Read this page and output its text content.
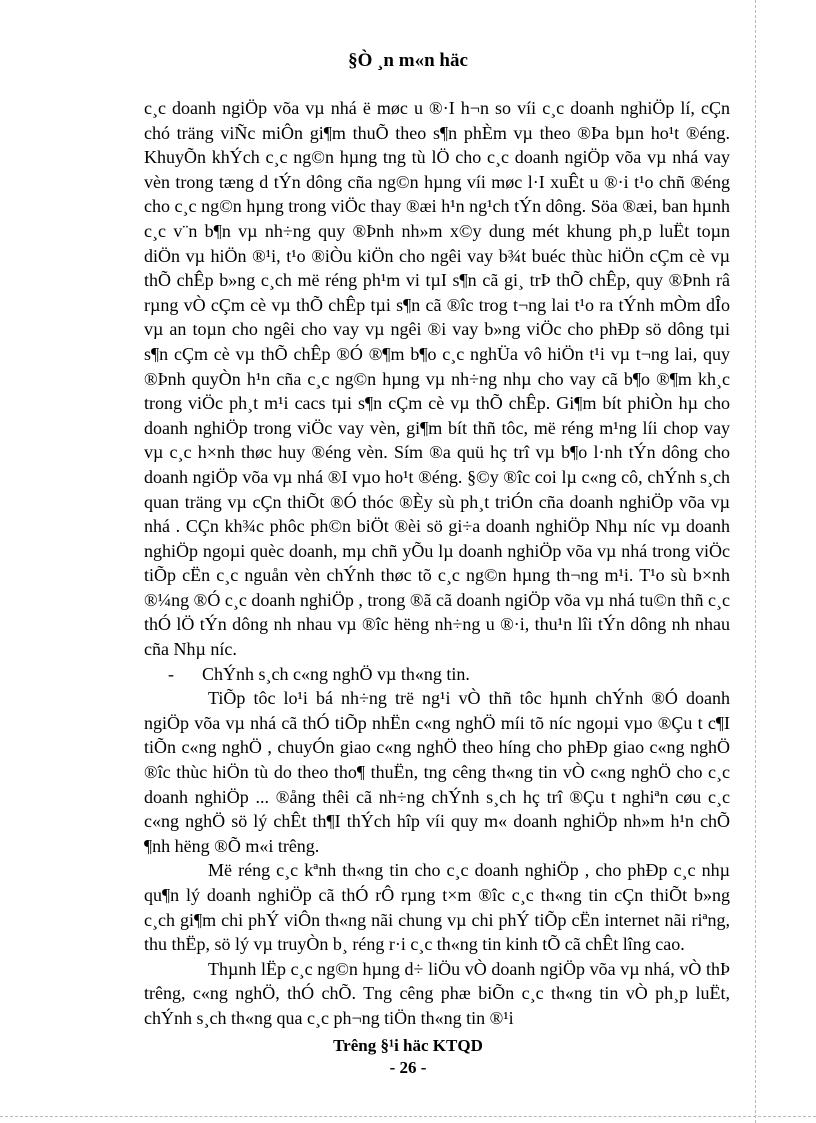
§Ò ¸n m«n häc

c¸c doanh ngiÖp võa vµ nhá ë møc u ®·I h¬n so víi c¸c doanh nghiÖp lí, cÇn chó träng viÑc miÔn gi¶m thuÕ theo s¶n phÈm vµ theo ®Þa bµn ho¹t ®éng. KhuyÕn khÝch c¸c ng©n hµng tng tù lÖ cho c¸c doanh ngiÖp võa vµ nhá vay vèn trong tæng d tÝn dông cña ng©n hµng víi møc l·I xuÊt u ®·i t¹o chñ ®éng cho c¸c ng©n hµng trong viÖc thay ®æi h¹n ng¹ch tÝn dông. Söa ®æi, ban hµnh c¸c v¨n b¶n vµ nh÷ng quy ®Þnh nh»m x©y dung mét khung ph¸p luËt toµn diÖn vµ hiÖn ®¹i, t¹o ®iÒu kiÖn cho ngêi vay b¾t buéc thùc hiÖn cÇm cè vµ thÕ chÊp b»ng c¸ch më réng ph¹m vi tµI s¶n cã gi¸ trÞ thÕ chÊp, quy ®Þnh râ rµng vÒ cÇm cè vµ thÕ chÊp tµi s¶n cã ®îc trog t¬ng lai t¹o ra tÝnh mÒm dÎo vµ an toµn cho ngêi cho vay vµ ngêi ®i vay b»ng viÖc cho phÐp sö dông tµi s¶n cÇm cè vµ thÕ chÊp ®Ó ®¶m b¶o c¸c nghÜa vô hiÖn t¹i vµ t¬ng lai, quy ®Þnh quyÒn h¹n cña c¸c ng©n hµng vµ nh÷ng nhµ cho vay cã b¶o ®¶m kh¸c trong viÖc ph¸t m¹i cacs tµi s¶n cÇm cè vµ thÕ chÊp. Gi¶m bít phiÒn hµ cho doanh nghiÖp trong viÖc vay vèn, gi¶m bít thñ tôc, më réng m¹ng líi chop vay vµ c¸c h×nh thøc huy ®éng vèn. Sím ®a quü hç trî vµ b¶o l·nh tÝn dông cho doanh ngiÖp võa vµ nhá ®I vµo ho¹t ®éng. §©y ®îc coi lµ c«ng cô, chÝnh s¸ch quan träng vµ cÇn thiÕt ®Ó thóc ®Èy sù ph¸t triÓn cña doanh nghiÖp võa vµ nhá . CÇn kh¾c phôc ph©n biÖt ®èi sö gi÷a doanh nghiÖp Nhµ níc vµ doanh nghiÖp ngoµi quèc doanh, mµ chñ yÕu lµ doanh nghiÖp võa vµ nhá trong viÖc tiÕp cËn c¸c nguån vèn chÝnh thøc tõ c¸c ng©n hµng th¬ng m¹i. T¹o sù b×nh ®¼ng ®Ó c¸c doanh nghiÖp , trong ®ã cã doanh ngiÖp võa vµ nhá tu©n thñ c¸c thÓ lÖ tÝn dông nh nhau vµ ®îc hëng nh÷ng u ®·i, thu¹n lîi tÝn dông nh nhau cña Nhµ níc.

- ChÝnh s¸ch c«ng nghÖ vµ th«ng tin.

TiÕp tôc lo¹i bá nh÷ng trë ng¹i vÒ thñ tôc hµnh chÝnh ®Ó doanh ngiÖp võa vµ nhá cã thÓ tiÕp nhËn c«ng nghÖ míi tõ níc ngoµi vµo ®Çu t c¶I tiÕn c«ng nghÖ , chuyÓn giao c«ng nghÖ theo híng cho phÐp giao c«ng nghÖ ®îc thùc hiÖn tù do theo tho¶ thuËn, tng cêng th«ng tin vÒ c«ng nghÖ cho c¸c doanh nghiÖp ... ®ång thêi cã nh÷ng chÝnh s¸ch hç trî ®Çu t nghiªn cøu c¸c c«ng nghÖ sö lý chÊt th¶I thÝch hîp víi quy m« doanh nghiÖp nh»m h¹n chÕ ¶nh hëng ®Õ m«i trêng.

Më réng c¸c kªnh th«ng tin cho c¸c doanh nghiÖp , cho phÐp c¸c nhµ qu¶n lý doanh nghiÖp cã thÓ rÔ rµng t×m ®îc c¸c th«ng tin cÇn thiÕt b»ng c¸ch gi¶m chi phÝ viÔn th«ng nãi chung vµ chi phÝ tiÕp cËn internet nãi riªng, thu thËp, sö lý vµ truyÒn b¸ réng r·i c¸c th«ng tin kinh tÕ cã chÊt lîng cao.

Thµnh lËp c¸c ng©n hµng d÷ liÖu vÒ doanh ngiÖp võa vµ nhá, vÒ thÞ trêng, c«ng nghÖ, thÓ chÕ. Tng cêng phæ biÕn c¸c th«ng tin vÒ ph¸p luËt, chÝnh s¸ch th«ng qua c¸c ph¬ng tiÖn th«ng tin ®¹i

Trêng §¹i häc KTQD
- 26 -
